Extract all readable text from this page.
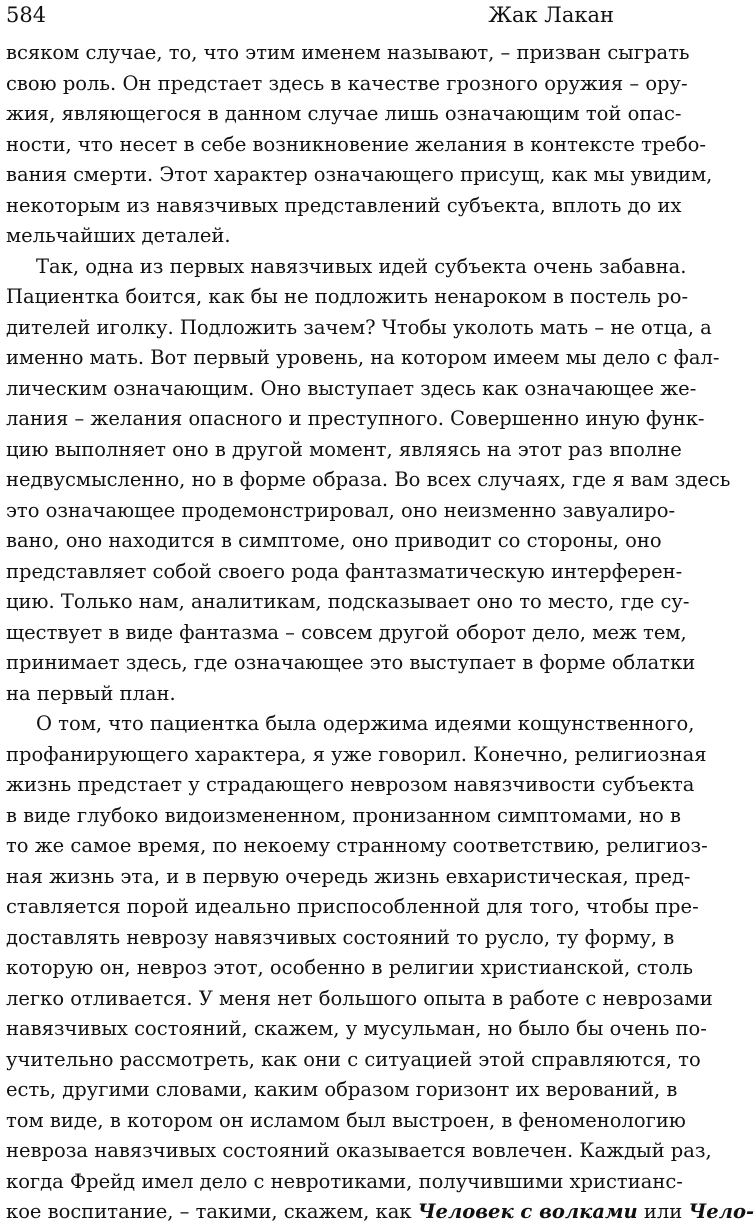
584	Жак Лакан
всяком случае, то, что этим именем называют, – призван сыграть
свою роль. Он предстает здесь в качестве грозного оружия – ору-
жия, являющегося в данном случае лишь означающим той опас-
ности, что несет в себе возникновение желания в контексте требо-
вания смерти. Этот характер означающего присущ, как мы увидим,
некоторым из навязчивых представлений субъекта, вплоть до их
мельчайших деталей.
Так, одна из первых навязчивых идей субъекта очень забавна.
Пациентка боится, как бы не подложить ненароком в постель ро-
дителей иголку. Подложить зачем? Чтобы уколоть мать – не отца, а
именно мать. Вот первый уровень, на котором имеем мы дело с фал-
лическим означающим. Оно выступает здесь как означающее же-
лания – желания опасного и преступного. Совершенно иную функ-
цию выполняет оно в другой момент, являясь на этот раз вполне
недвусмысленно, но в форме образа. Во всех случаях, где я вам здесь
это означающее продемонстрировал, оно неизменно завуалиро-
вано, оно находится в симптоме, оно приводит со стороны, оно
представляет собой своего рода фантазматическую интерферен-
цию. Только нам, аналитикам, подсказывает оно то место, где су-
ществует в виде фантазма – совсем другой оборот дело, меж тем,
принимает здесь, где означающее это выступает в форме облатки
на первый план.
О том, что пациентка была одержима идеями кощунственного,
профанирующего характера, я уже говорил. Конечно, религиозная
жизнь предстает у страдающего неврозом навязчивости субъекта
в виде глубоко видоизмененном, пронизанном симптомами, но в
то же самое время, по некоему странному соответствию, религиоз-
ная жизнь эта, и в первую очередь жизнь евхаристическая, пред-
ставляется порой идеально приспособленной для того, чтобы пре-
доставлять неврозу навязчивых состояний то русло, ту форму, в
которую он, невроз этот, особенно в религии христианской, столь
легко отливается. У меня нет большого опыта в работе с неврозами
навязчивых состояний, скажем, у мусульман, но было бы очень по-
учительно рассмотреть, как они с ситуацией этой справляются, то
есть, другими словами, каким образом горизонт их верований, в
том виде, в котором он исламом был выстроен, в феноменологию
невроза навязчивых состояний оказывается вовлечен. Каждый раз,
когда Фрейд имел дело с невротиками, получившими христианс-
кое воспитание, – такими, скажем, как Человек с волками или Чело-
